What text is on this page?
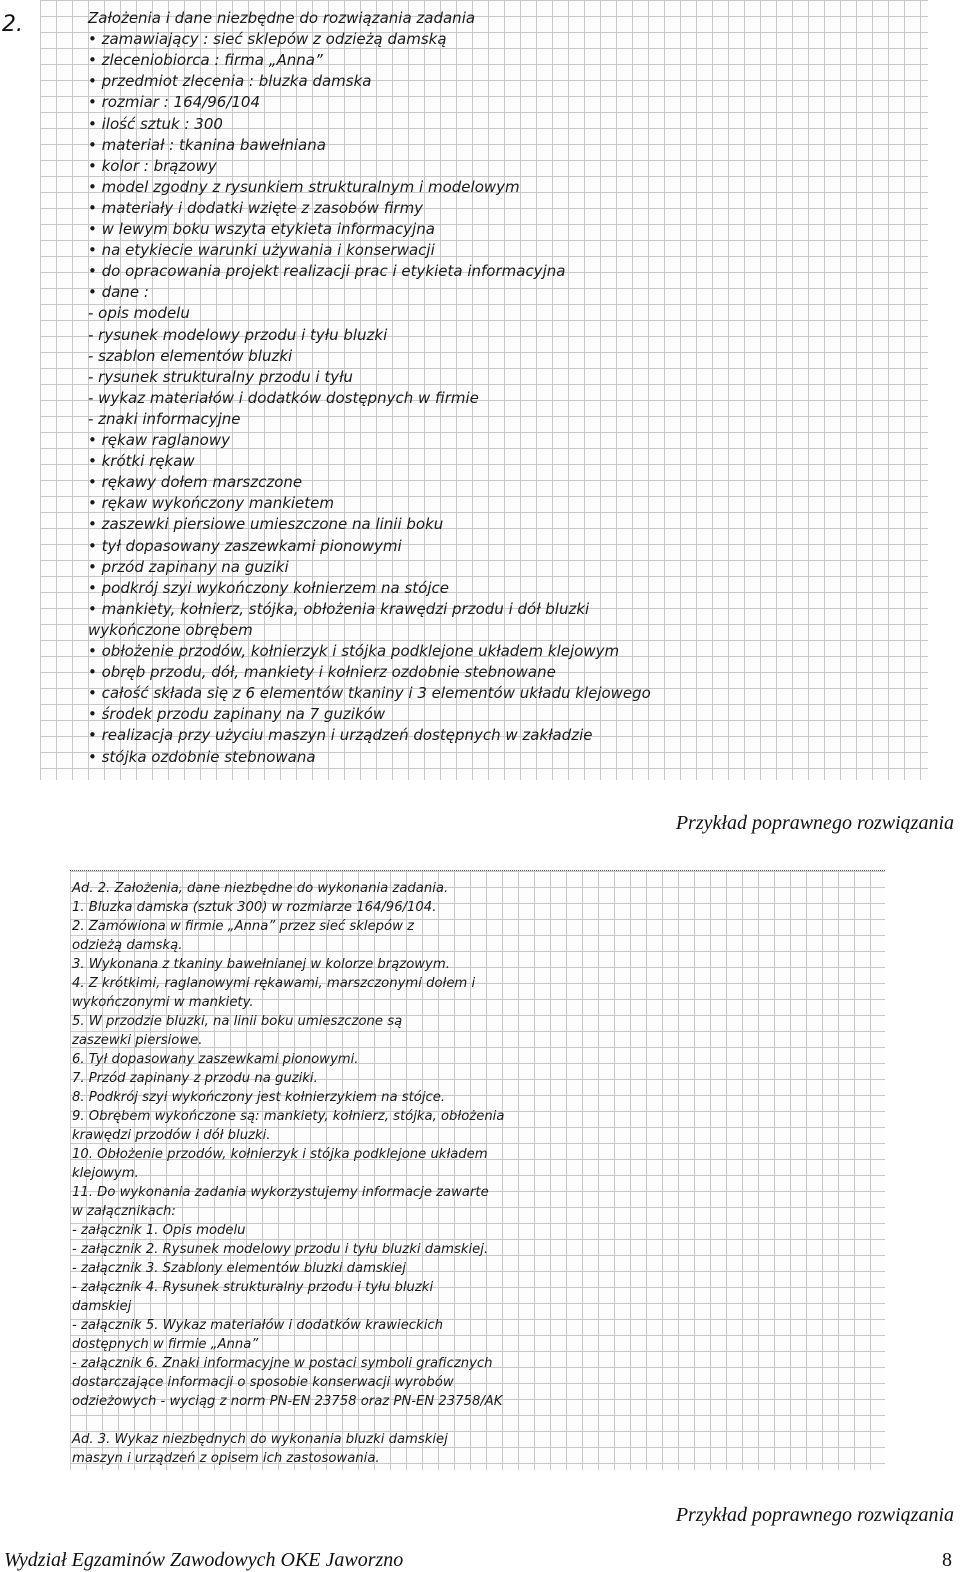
2.	Założenia i dane niezbędne do rozwiązania zadania
• zamawiający : sieć sklepów z odzieżą damską
• zleceniobiorca : firma „Anna”
• przedmiot zlecenia : bluzka damska
• rozmiar : 164/96/104
• ilość sztuk : 300
• materiał : tkanina bawełniana
• kolor : brązowy
• model zgodny z rysunkiem strukturalnym i modelowym
• materiały i dodatki wzięte z zasobów firmy
• w lewym boku wszyta etykieta informacyjna
• na etykiecie warunki używania i konserwacji
• do opracowania projekt realizacji prac i etykieta informacyjna
• dane :
- opis modelu
- rysunek modelowy przodu i tyłu bluzki
- szablon elementów bluzki
- rysunek strukturalny przodu i tyłu
- wykaz materiałów i dodatków dostępnych w firmie
- znaki informacyjne
• rękaw raglanowy
• krótki rękaw
• rękawy dołem marszczone
• rękaw wykończony mankietem
• zaszewki piersiowe umieszczone na linii boku
• tył dopasowany zaszewkami pionowymi
• przód zapinany na guziki
• podkrój szyi wykończony kołnierzem na stójce
• mankiety, kołnierz, stójka, obłożenia krawędzi przodu i dół bluzki
wykończone obrębem
• obłożenie przodów, kołnierzyk i stójka podklejone układem klejowym
• obręb przodu, dół, mankiety i kołnierz ozdobnie stebnowane
• całość składa się z 6 elementów tkaniny i 3 elementów układu klejowego
• środek przodu zapinany na 7 guzików
• realizacja przy użyciu maszyn i urządzeń dostępnych w zakładzie
• stójka ozdobnie stebnowana
Przykład poprawnego rozwiązania
Ad. 2. Założenia, dane niezbędne do wykonania zadania.
1. Bluzka damska (sztuk 300) w rozmiarze 164/96/104.
2. Zamówiona w firmie „Anna” przez sieć sklepów z
odzieżą damską.
3. Wykonana z tkaniny bawełnianej w kolorze brązowym.
4. Z krótkimi, raglanowymi rękawami, marszczonymi dołem i
wykończonymi w mankiety.
5. W przodzie bluzki, na linii boku umieszczone są
zaszewki piersiowe.
6. Tył dopasowany zaszewkami pionowymi.
7. Przód zapinany z przodu na guziki.
8. Podkrój szyi wykończony jest kołnierzykiem na stójce.
9. Obrębem wykończone są: mankiety, kołnierz, stójka, obłożenia
krawędzi przodów i dół bluzki.
10. Obłożenie przodów, kołnierzyk i stójka podklejone układem
klejowym.
11. Do wykonania zadania wykorzystujemy informacje zawarte
w załącznikach:
- załącznik 1. Opis modelu
- załącznik 2. Rysunek modelowy przodu i tyłu bluzki damskiej.
- załącznik 3. Szablony elementów bluzki damskiej
- załącznik 4. Rysunek strukturalny przodu i tyłu bluzki
damskiej
- załącznik 5. Wykaz materiałów i dodatków krawieckich
dostępnych w firmie „Anna”
- załącznik 6. Znaki informacyjne w postaci symboli graficznych
dostarczające informacji o sposobie konserwacji wyrobów
odzieżowych - wyciąg z norm PN-EN 23758 oraz PN-EN 23758/AK
Ad. 3. Wykaz niezbędnych do wykonania bluzki damskiej
maszyn i urządzeń z opisem ich zastosowania.
Przykład poprawnego rozwiązania
Wydział Egzaminów Zawodowych OKE Jaworzno	8
